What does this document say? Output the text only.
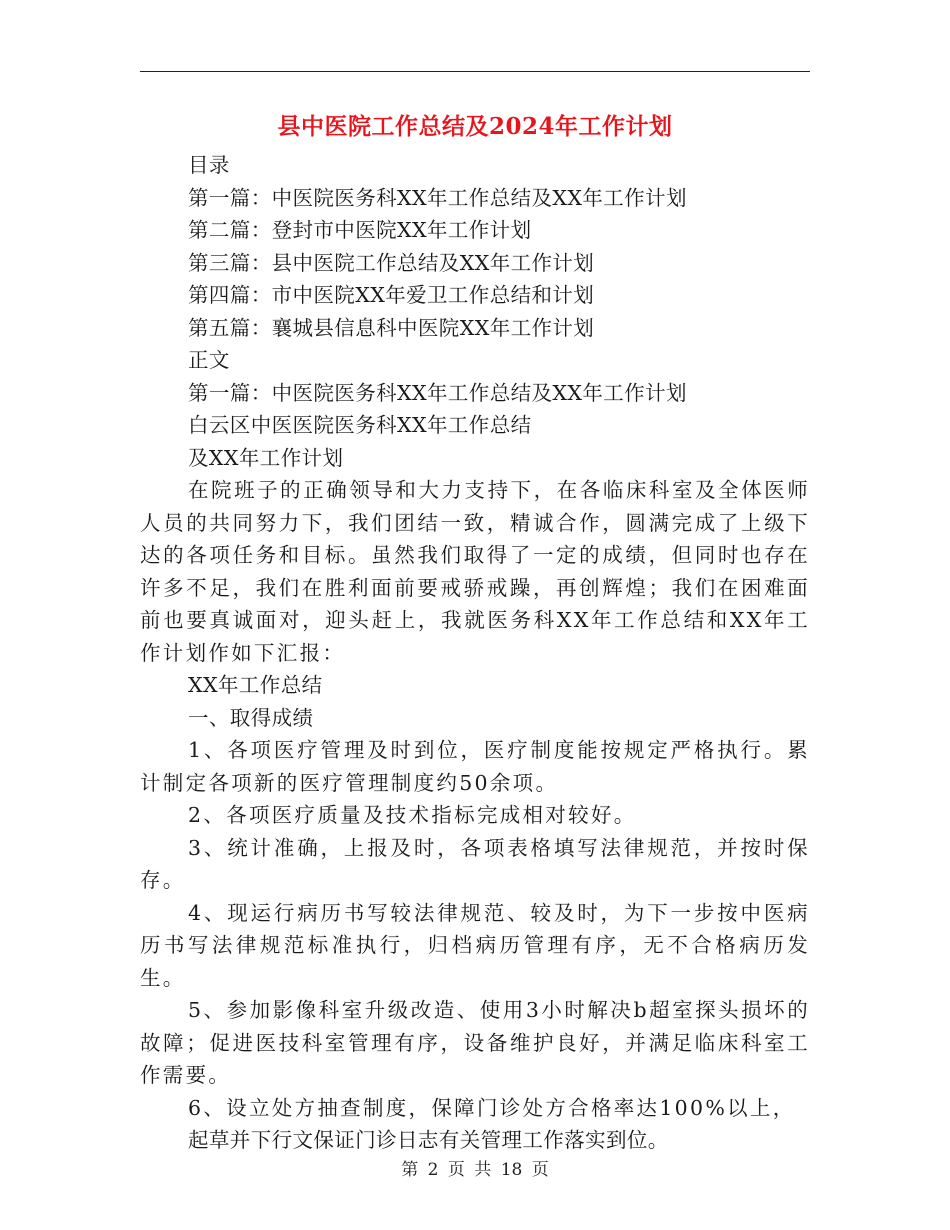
县中医院工作总结及2024年工作计划
目录
第一篇：中医院医务科XX年工作总结及XX年工作计划
第二篇：登封市中医院XX年工作计划
第三篇：县中医院工作总结及XX年工作计划
第四篇：市中医院XX年爱卫工作总结和计划
第五篇：襄城县信息科中医院XX年工作计划
正文
第一篇：中医院医务科XX年工作总结及XX年工作计划
白云区中医医院医务科XX年工作总结
及XX年工作计划

在院班子的正确领导和大力支持下，在各临床科室及全体医师人员的共同努力下，我们团结一致，精诚合作，圆满完成了上级下达的各项任务和目标。虽然我们取得了一定的成绩，但同时也存在许多不足，我们在胜利面前要戒骄戒躁，再创辉煌；我们在困难面前也要真诚面对，迎头赶上，我就医务科XX年工作总结和XX年工作计划作如下汇报：

XX年工作总结
一、取得成绩

1、各项医疗管理及时到位，医疗制度能按规定严格执行。累计制定各项新的医疗管理制度约50余项。

2、各项医疗质量及技术指标完成相对较好。

3、统计准确，上报及时，各项表格填写法律规范，并按时保存。

4、现运行病历书写较法律规范、较及时，为下一步按中医病历书写法律规范标准执行，归档病历管理有序，无不合格病历发生。

5、参加影像科室升级改造、使用3小时解决b超室探头损坏的故障；促进医技科室管理有序，设备维护良好，并满足临床科室工作需要。

6、设立处方抽查制度，保障门诊处方合格率达100%以上，

起草并下行文保证门诊日志有关管理工作落实到位。
第 2 页 共 18 页
